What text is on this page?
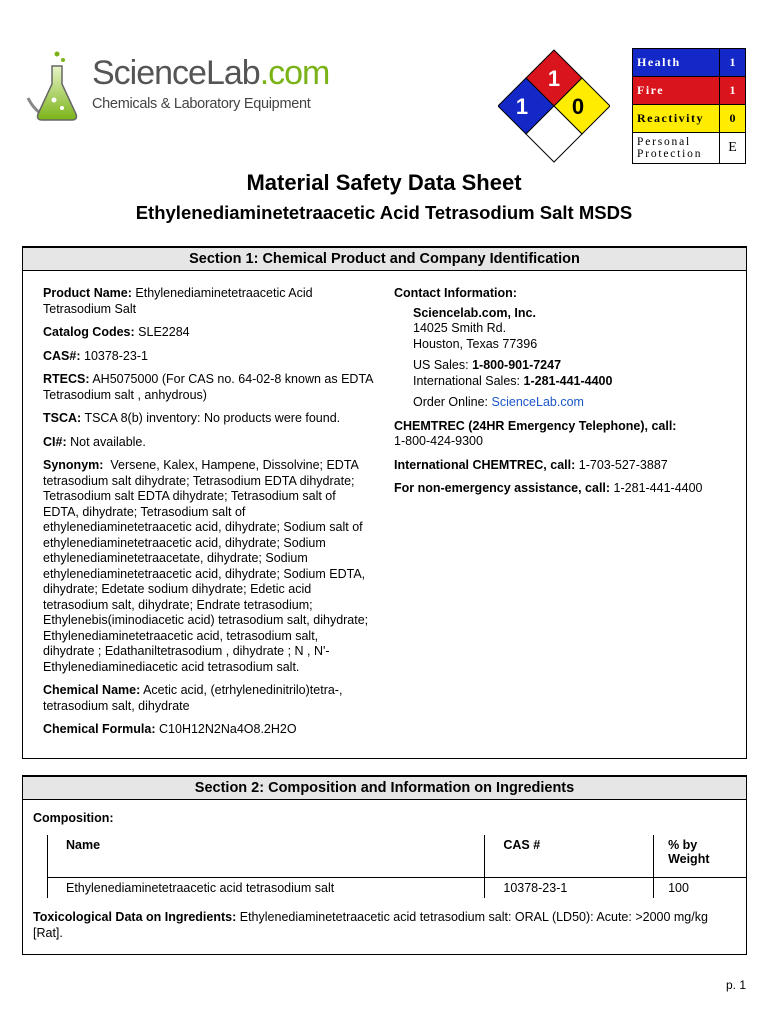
ScienceLab.com
Chemicals & Laboratory Equipment
1
1 0
Health	1
Fire	1
Reactivity	0
Personal
Protection	E
Material Safety Data Sheet
Ethylenediaminetetraacetic Acid Tetrasodium Salt MSDS
Section 1: Chemical Product and Company Identification
Product Name: Ethylenediaminetetraacetic Acid Tetrasodium Salt
Catalog Codes: SLE2284
CAS#: 10378-23-1
RTECS: AH5075000 (For CAS no. 64-02-8 known as EDTA Tetrasodium salt , anhydrous)
TSCA: TSCA 8(b) inventory: No products were found.
CI#: Not available.
Synonym: Versene, Kalex, Hampene, Dissolvine; EDTA tetrasodium salt dihydrate; Tetrasodium EDTA dihydrate; Tetrasodium salt EDTA dihydrate; Tetrasodium salt of EDTA, dihydrate; Tetrasodium salt of ethylenediaminetetraacetic acid, dihydrate; Sodium salt of ethylenediaminetetraacetic acid, dihydrate; Sodium ethylenediaminetetraacetate, dihydrate; Sodium ethylenediaminetetraacetic acid, dihydrate; Sodium EDTA, dihydrate; Edetate sodium dihydrate; Edetic acid tetrasodium salt, dihydrate; Endrate tetrasodium; Ethylenebis(iminodiacetic acid) tetrasodium salt, dihydrate; Ethylenediaminetetraacetic acid, tetrasodium salt, dihydrate ; Edathaniltetrasodium , dihydrate ; N , N'-Ethylenediaminediacetic acid tetrasodium salt.
Chemical Name: Acetic acid, (etrhylenedinitrilo)tetra-, tetrasodium salt, dihydrate
Chemical Formula: C10H12N2Na4O8.2H2O
Contact Information:
Sciencelab.com, Inc.
14025 Smith Rd.
Houston, Texas 77396
US Sales: 1-800-901-7247
International Sales: 1-281-441-4400
Order Online: ScienceLab.com
CHEMTREC (24HR Emergency Telephone), call:
1-800-424-9300
International CHEMTREC, call: 1-703-527-3887
For non-emergency assistance, call: 1-281-441-4400
Section 2: Composition and Information on Ingredients
Composition:
Name	CAS #	% by Weight
Ethylenediaminetetraacetic acid tetrasodium salt	10378-23-1	100
Toxicological Data on Ingredients: Ethylenediaminetetraacetic acid tetrasodium salt: ORAL (LD50): Acute: >2000 mg/kg [Rat].
p. 1
